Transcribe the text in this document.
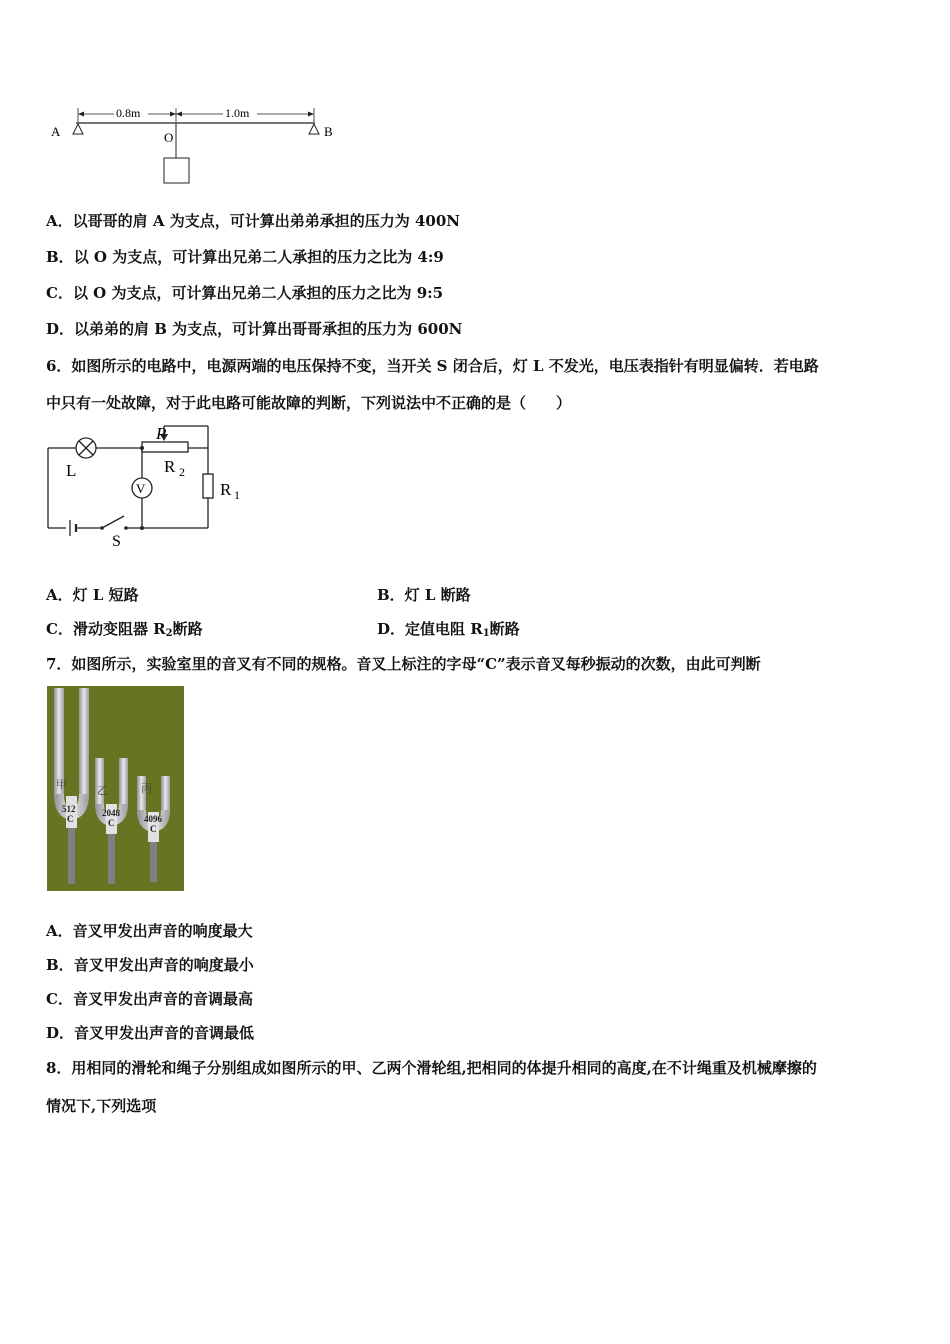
A	O	B
0.8m	1.0m
A．以哥哥的肩 A 为支点，可计算出弟弟承担的压力为 400N
B．以 O 为支点，可计算出兄弟二人承担的压力之比为 4:9
C．以 O 为支点，可计算出兄弟二人承担的压力之比为 9:5
D．以弟弟的肩 B 为支点，可计算出哥哥承担的压力为 600N
6．如图所示的电路中，电源两端的电压保持不变，当开关 S 闭合后，灯 L 不发光，电压表指针有明显偏转．若电路
中只有一处故障，对于此电路可能故障的判断，下列说法中不正确的是（　　）
L
V
P
R 2
R 1
S
A．灯 L 短路	B．灯 L 断路
C．滑动变阻器 $R_2$断路	D．定值电阻 $R_1$断路
7．如图所示，实验室里的音叉有不同的规格。音叉上标注的字母“C”表示音叉每秒振动的次数，由此可判断
甲
512
C
乙
2048
C
丙
4096
C
A．音叉甲发出声音的响度最大
B．音叉甲发出声音的响度最小
C．音叉甲发出声音的音调最高
D．音叉甲发出声音的音调最低
8．用相同的滑轮和绳子分别组成如图所示的甲、乙两个滑轮组,把相同的体提升相同的高度,在不计绳重及机械摩擦的
情况下,下列选项
